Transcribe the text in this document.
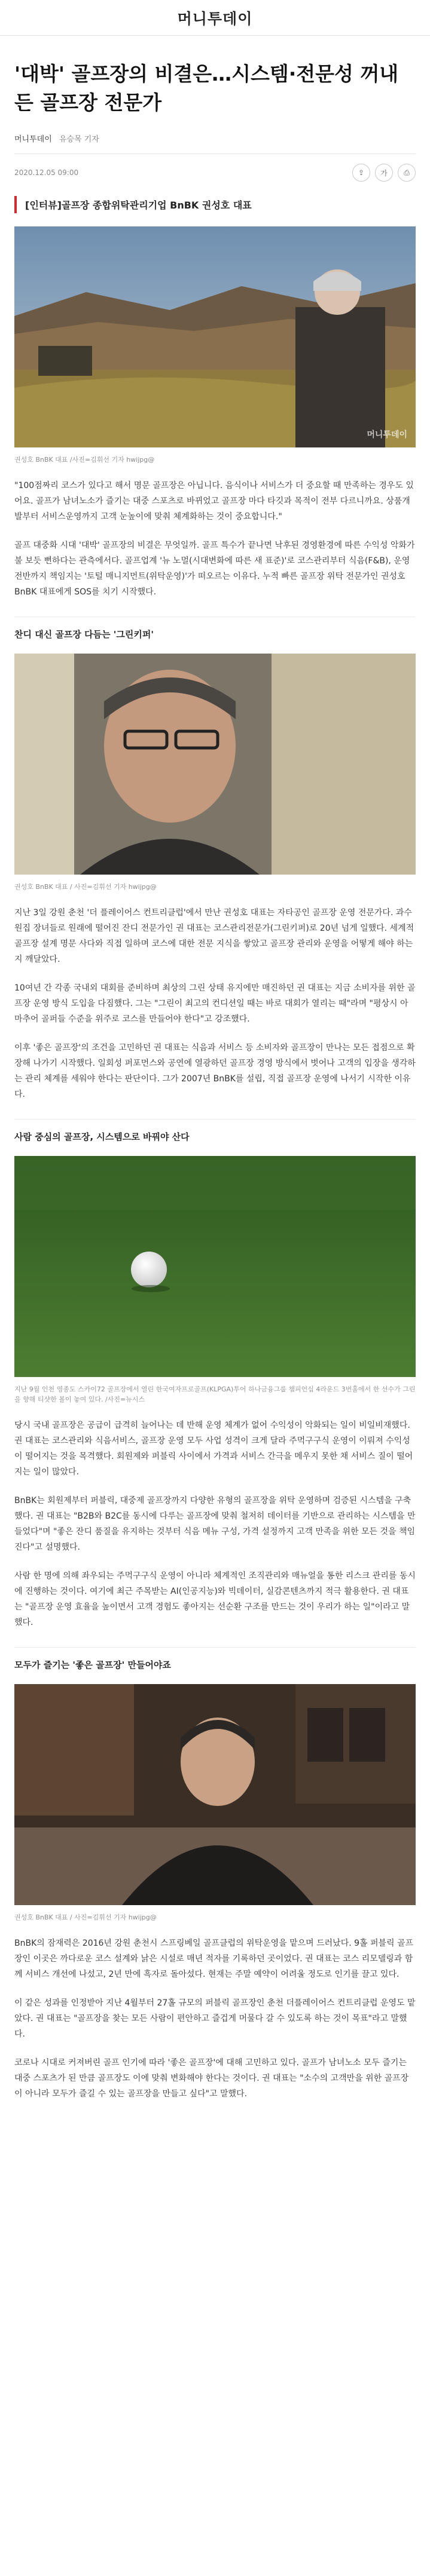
머니투데이
'대박' 골프장의 비결은…시스템·전문성 꺼내든 골프장 전문가
머니투데이 유승목 기자
2020.12.05 09:00	⇪	가	⎙
[인터뷰]골프장 종합위탁관리기업 BnBK 권성호 대표
머니투데이

권성호 BnBK 대표 /사진=김휘선 기자 hwijpg@

"100점짜리 코스가 있다고 해서 명문 골프장은 아닙니다. 음식이나 서비스가 더 중요할 때 만족하는 경우도 있어요. 골프가 남녀노소가 즐기는 대중 스포츠로 바뀌었고 골프장 마다 타깃과 목적이 전부 다르니까요. 상품개발부터 서비스운영까지 고객 눈높이에 맞춰 체계화하는 것이 중요합니다."

골프 대중화 시대 '대박' 골프장의 비결은 무엇일까. 골프 특수가 끝나면 낙후된 경영환경에 따른 수익성 악화가 불 보듯 뻔하다는 관측에서다. 골프업계 '뉴 노멀(시대변화에 따른 새 표준)'로 코스관리부터 식음(F&B), 운영 전반까지 책임지는 '토털 매니지먼트(위탁운영)'가 떠오르는 이유다. 누적 빠른 골프장 위탁 전문가인 권성호 BnBK 대표에게 SOS를 치기 시작했다.

찬디 대신 골프장 다듬는 '그린키퍼'

권성호 BnBK 대표 / 사진=김휘선 기자 hwijpg@

지난 3일 강원 춘천 '더 플레이어스 컨트리클럽'에서 만난 권성호 대표는 자타공인 골프장 운영 전문가다. 과수원집 장녀들로 원래에 떨어진 잔디 전문가인 권 대표는 코스관리전문가(그린키퍼)로 20년 넘게 일했다. 세계적 골프장 설계 명문 사다와 직접 일하며 코스에 대한 전문 지식을 쌓았고 골프장 관리와 운영을 어떻게 해야 하는지 깨달았다.

10여년 간 각종 국내외 대회를 준비하며 최상의 그린 상태 유지에만 매진하던 권 대표는 지금 소비자를 위한 골프장 운영 방식 도입을 다짐했다. 그는 "그린이 최고의 컨디션일 때는 바로 대회가 열리는 때"라며 "평상시 아마추어 골퍼들 수준을 위주로 코스를 만들어야 한다"고 강조했다.

이후 '좋은 골프장'의 조건을 고민하던 권 대표는 식음과 서비스 등 소비자와 골프장이 만나는 모든 접점으로 확장해 나가기 시작했다. 일회성 퍼포먼스와 공연에 열광하던 골프장 경영 방식에서 벗어나 고객의 입장을 생각하는 관리 체계를 세워야 한다는 판단이다. 그가 2007년 BnBK를 설립, 직접 골프장 운영에 나서기 시작한 이유다.

사람 중심의 골프장, 시스템으로 바꿔야 산다

지난 9월 인천 영종도 스카이72 골프장에서 열린 한국여자프로골프(KLPGA)투어 하나금융그룹 챔피언십 4라운드 3번홀에서 한 선수가 그린을 향해 티샷한 볼이 놓여 있다. /사진=뉴시스

당시 국내 골프장은 공급이 급격히 늘어나는 데 반해 운영 체계가 없어 수익성이 악화되는 일이 비일비재했다. 권 대표는 코스관리와 식음서비스, 골프장 운영 모두 사업 성격이 크게 달라 주먹구구식 운영이 이뤄져 수익성이 떨어지는 것을 목격했다. 회원제와 퍼블릭 사이에서 가격과 서비스 간극을 메우지 못한 채 서비스 질이 떨어지는 일이 많았다.

BnBK는 회원제부터 퍼블릭, 대중제 골프장까지 다양한 유형의 골프장을 위탁 운영하며 검증된 시스템을 구축했다. 권 대표는 "B2B와 B2C를 동시에 다루는 골프장에 맞춰 철저히 데이터를 기반으로 관리하는 시스템을 만들었다"며 "좋은 잔디 품질을 유지하는 것부터 식음 메뉴 구성, 가격 설정까지 고객 만족을 위한 모든 것을 책임진다"고 설명했다.

사람 한 명에 의해 좌우되는 주먹구구식 운영이 아니라 체계적인 조직관리와 매뉴얼을 통한 리스크 관리를 동시에 진행하는 것이다. 여기에 최근 주목받는 AI(인공지능)와 빅데이터, 실감콘텐츠까지 적극 활용한다. 권 대표는 "골프장 운영 효율을 높이면서 고객 경험도 좋아지는 선순환 구조를 만드는 것이 우리가 하는 일"이라고 말했다.

모두가 즐기는 '좋은 골프장' 만들어야죠

권성호 BnBK 대표 / 사진=김휘선 기자 hwijpg@

BnBK의 잠재력은 2016년 강원 춘천시 스프링베일 골프클럽의 위탁운영을 맡으며 드러났다. 9홀 퍼블릭 골프장인 이곳은 까다로운 코스 설계와 낡은 시설로 매년 적자를 기록하던 곳이었다. 권 대표는 코스 리모델링과 함께 서비스 개선에 나섰고, 2년 만에 흑자로 돌아섰다. 현재는 주말 예약이 어려울 정도로 인기를 끌고 있다.

이 같은 성과를 인정받아 지난 4월부터 27홀 규모의 퍼블릭 골프장인 춘천 더플레이어스 컨트리클럽 운영도 맡았다. 권 대표는 "골프장을 찾는 모든 사람이 편안하고 즐겁게 머물다 갈 수 있도록 하는 것이 목표"라고 말했다.

코로나 시대로 커져버린 골프 인기에 따라 '좋은 골프장'에 대해 고민하고 있다. 골프가 남녀노소 모두 즐기는 대중 스포츠가 된 만큼 골프장도 이에 맞춰 변화해야 한다는 것이다. 권 대표는 "소수의 고객만을 위한 골프장이 아니라 모두가 즐길 수 있는 골프장을 만들고 싶다"고 말했다.
